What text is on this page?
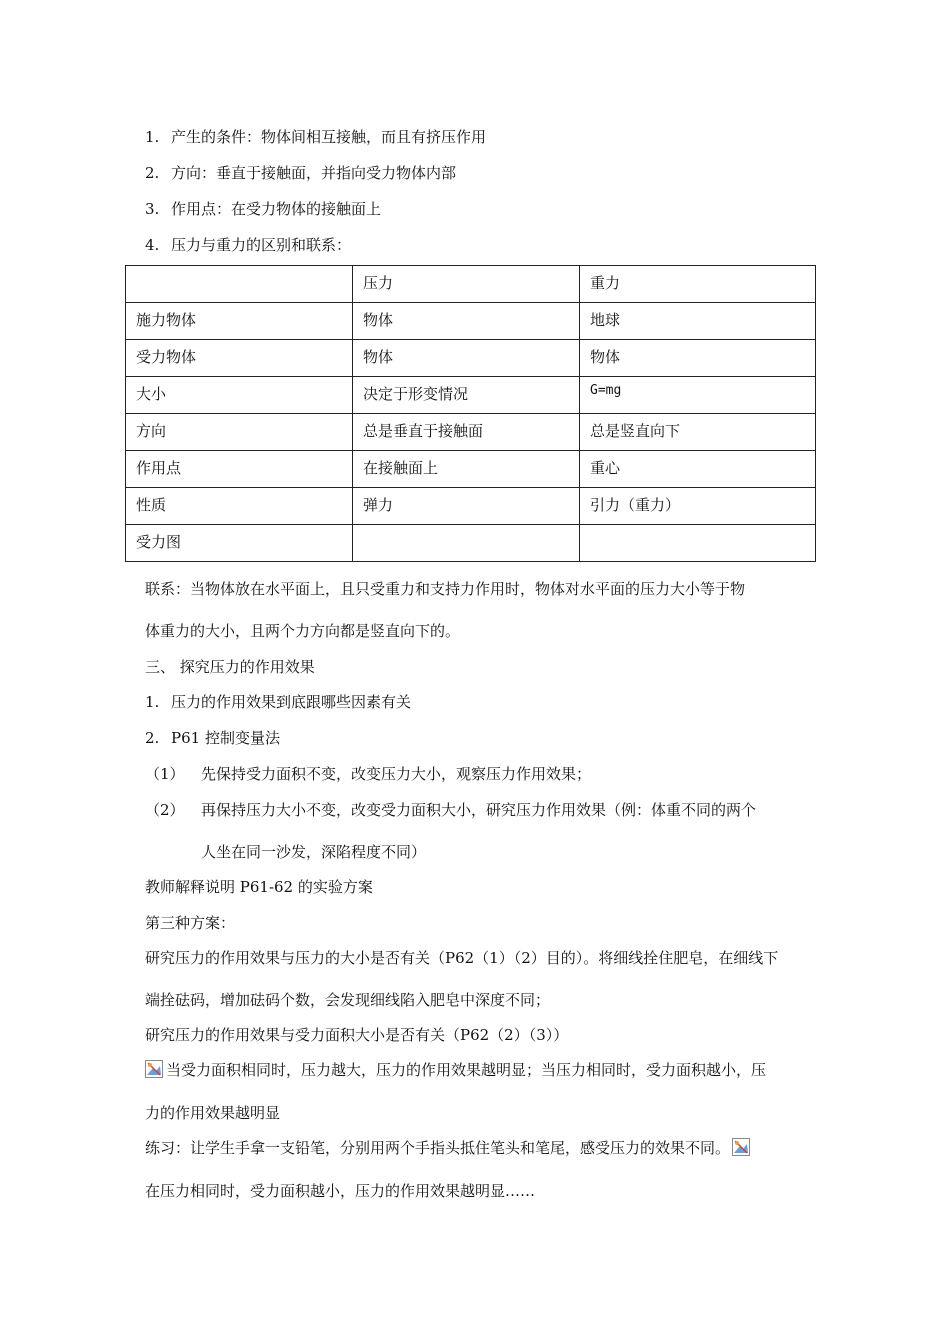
1. 产生的条件：物体间相互接触，而且有挤压作用
2. 方向：垂直于接触面，并指向受力物体内部
3. 作用点：在受力物体的接触面上
4. 压力与重力的区别和联系：
	压力	重力
施力物体	物体	地球
受力物体	物体	物体
大小	决定于形变情况	G=mg
方向	总是垂直于接触面	总是竖直向下
作用点	在接触面上	重心
性质	弹力	引力（重力）
受力图		
联系：当物体放在水平面上，且只受重力和支持力作用时，物体对水平面的压力大小等于物
体重力的大小，且两个力方向都是竖直向下的。
三、 探究压力的作用效果
1. 压力的作用效果到底跟哪些因素有关
2. P61 控制变量法
（1） 先保持受力面积不变，改变压力大小，观察压力作用效果；
（2） 再保持压力大小不变，改变受力面积大小，研究压力作用效果（例：体重不同的两个
人坐在同一沙发，深陷程度不同）
教师解释说明 P61-62 的实验方案
第三种方案：
研究压力的作用效果与压力的大小是否有关（P62（1）（2）目的）。将细线拴住肥皂，在细线下
端拴砝码，增加砝码个数，会发现细线陷入肥皂中深度不同；
研究压力的作用效果与受力面积大小是否有关（P62（2）（3））
当受力面积相同时，压力越大，压力的作用效果越明显；当压力相同时，受力面积越小，压
力的作用效果越明显
练习：让学生手拿一支铅笔，分别用两个手指头抵住笔头和笔尾，感受压力的效果不同。
在压力相同时，受力面积越小，压力的作用效果越明显……
